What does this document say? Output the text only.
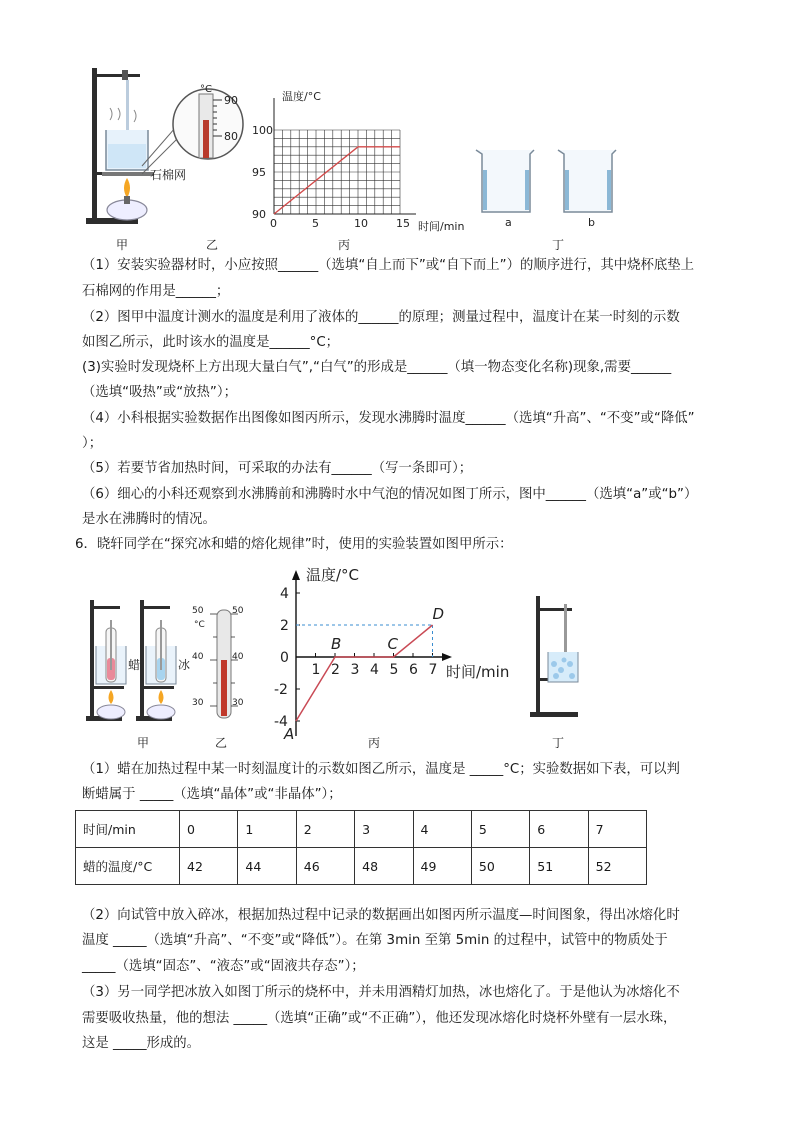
石棉网
甲
°C
90
80
乙
温度/°C
时间/min
0	5	10	15
100
95
90
丙
a	b
丁
（1）安装实验器材时，小应按照______（选填“自上而下”或“自下而上”）的顺序进行，其中烧杯底垫上
石棉网的作用是______；
（2）图甲中温度计测水的温度是利用了液体的______的原理；测量过程中，温度计在某一时刻的示数
如图乙所示，此时该水的温度是______°C；
(3)实验时发现烧杯上方出现大量白气”,“白气”的形成是______（填一物态变化名称)现象,需要______
（选填“吸热”或“放热”）；
（4）小科根据实验数据作出图像如图丙所示，发现水沸腾时温度______（选填“升高”、“不变”或“降低”
）；
（5）若要节省加热时间，可采取的办法有______（写一条即可）；
（6）细心的小科还观察到水沸腾前和沸腾时水中气泡的情况如图丁所示，图中______（选填“a”或“b”）
是水在沸腾时的情况。
6．晓轩同学在“探究冰和蜡的熔化规律”时，使用的实验装置如图甲所示：
蜡	冰
甲
50
°C
40
30
50
40
30
乙
温度/°C
时间/min
1 2 3 4 5 6 7
4
2
0
-2
-4
A
B	C
D
丙	丁
（1）蜡在加热过程中某一时刻温度计的示数如图乙所示，温度是 _____°C；实验数据如下表，可以判
断蜡属于 _____（选填“晶体”或“非晶体”）；
时间/min	0	1	2	3	4	5	6	7
蜡的温度/°C	42	44	46	48	49	50	51	52
（2）向试管中放入碎冰，根据加热过程中记录的数据画出如图丙所示温度—时间图象，得出冰熔化时
温度 _____（选填“升高”、“不变”或“降低”）。在第 3min 至第 5min 的过程中，试管中的物质处于
_____（选填“固态”、“液态”或“固液共存态”）；
（3）另一同学把冰放入如图丁所示的烧杯中，并未用酒精灯加热，冰也熔化了。于是他认为冰熔化不
需要吸收热量，他的想法 _____（选填“正确”或“不正确”），他还发现冰熔化时烧杯外壁有一层水珠，
这是 _____形成的。
